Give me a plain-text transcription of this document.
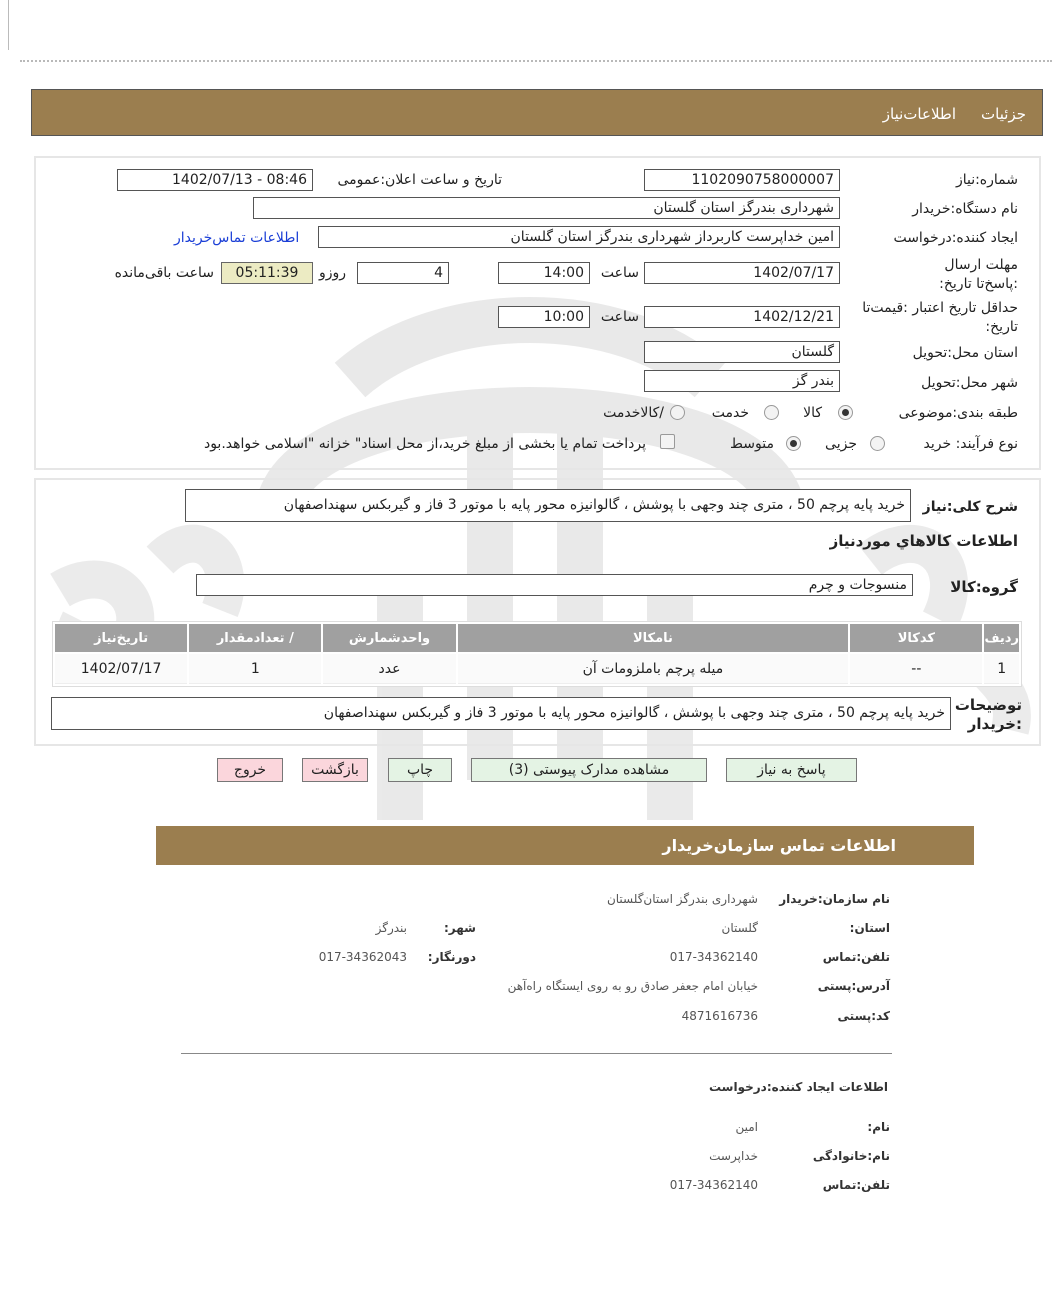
جزئیات
اطلاعات‌نیاز
شماره:نیاز
1102090758000007
تاریخ و ساعت اعلان:عمومی
1402/07/13 - 08:46
نام دستگاه:خریدار
شهرداری بندرگز استان گلستان
ایجاد کننده:درخواست
امین خداپرست کاربرداز شهرداری بندرگز استان گلستان
اطلاعات تماس‌خریدار
مهلت ارسال :پاسخ‌تا تاریخ:
1402/07/17
ساعت
14:00
4
روزو
05:11:39
ساعت باقی‌مانده
حداقل تاریخ اعتبار :قیمت‌تا تاریخ:
1402/12/21
ساعت
10:00
استان محل:تحویل
گلستان
شهر محل:تحویل
بندر گز
طبقه بندی:موضوعی
کالا
خدمت
/کالاخدمت
نوع فرآیند: خرید
جزیی
متوسط
پرداخت تمام یا بخشی از مبلغ خرید،از محل اسناد" خزانه "اسلامی خواهد.بود
شرح کلی:نیاز
خرید پایه پرچم 50 ، متری چند وجهی با پوشش ، گالوانیزه محور پایه با موتور 3 فاز و گیربکس سهنداصفهان
اطلاعات کالاهاي موردنیاز
گروه:کالا
منسوجات و چرم
ردیف	کدکالا	نامکالا	واحدشمارش	/ تعدادمقدار	تاریخ‌نیاز
1	--	میله پرچم باملزومات آن	عدد	1	1402/07/17
توضیحات :خریدار
خرید پایه پرچم 50 ، متری چند وجهی با پوشش ، گالوانیزه محور پایه با موتور 3 فاز و گیربکس سهنداصفهان
پاسخ به نیاز
مشاهده مدارک پیوستی (3)
چاپ
بازگشت
خروج
اطلاعات تماس سازمان‌خریدار
نام سازمان:خریدار
شهرداری بندرگز استان‌گلستان
استان:
گلستان
شهر:
بندرگز
تلفن:تماس
017-34362140
دورنگار:
017-34362043
آدرس:پستی
خیابان امام جعفر صادق رو به روی ایستگاه راه‌آهن
کد:پستی
4871616736
اطلاعات ایجاد کننده:درخواست
نام:
امین
نام:خانوادگی
خداپرست
تلفن:تماس
017-34362140
